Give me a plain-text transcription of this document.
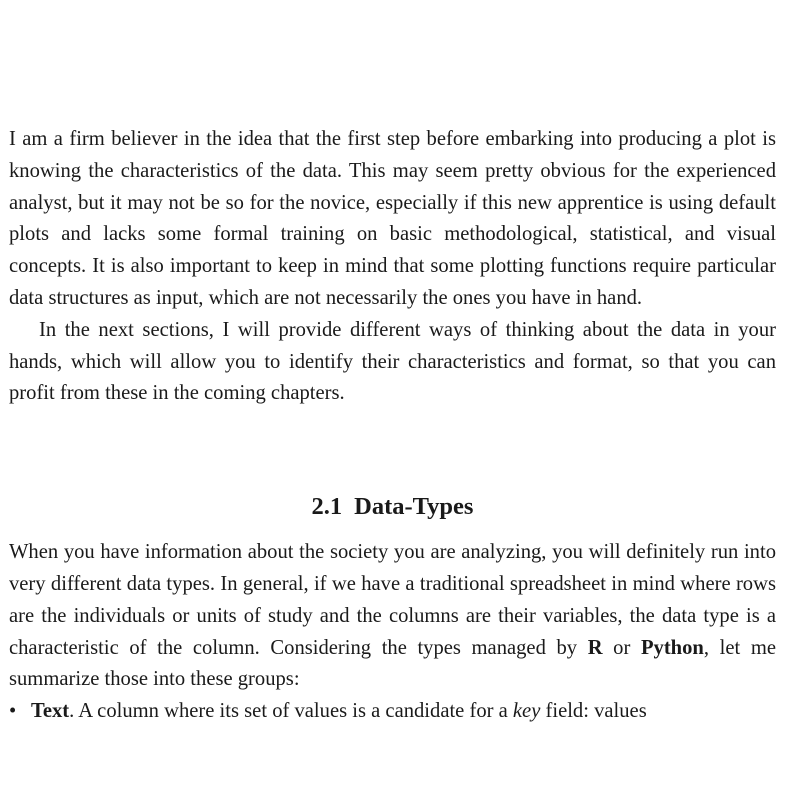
I am a firm believer in the idea that the first step before embarking into producing a plot is knowing the characteristics of the data. This may seem pretty obvious for the experienced analyst, but it may not be so for the novice, especially if this new apprentice is using default plots and lacks some formal training on basic methodological, statistical, and visual concepts. It is also important to keep in mind that some plotting functions require particular data structures as input, which are not necessarily the ones you have in hand.

In the next sections, I will provide different ways of thinking about the data in your hands, which will allow you to identify their characteristics and format, so that you can profit from these in the coming chapters.

2.1 Data-Types

When you have information about the society you are analyzing, you will definitely run into very different data types. In general, if we have a traditional spreadsheet in mind where rows are the individuals or units of study and the columns are their variables, the data type is a characteristic of the column. Considering the types managed by R or Python, let me summarize those into these groups:

• Text. A column where its set of values is a candidate for a key field: values
